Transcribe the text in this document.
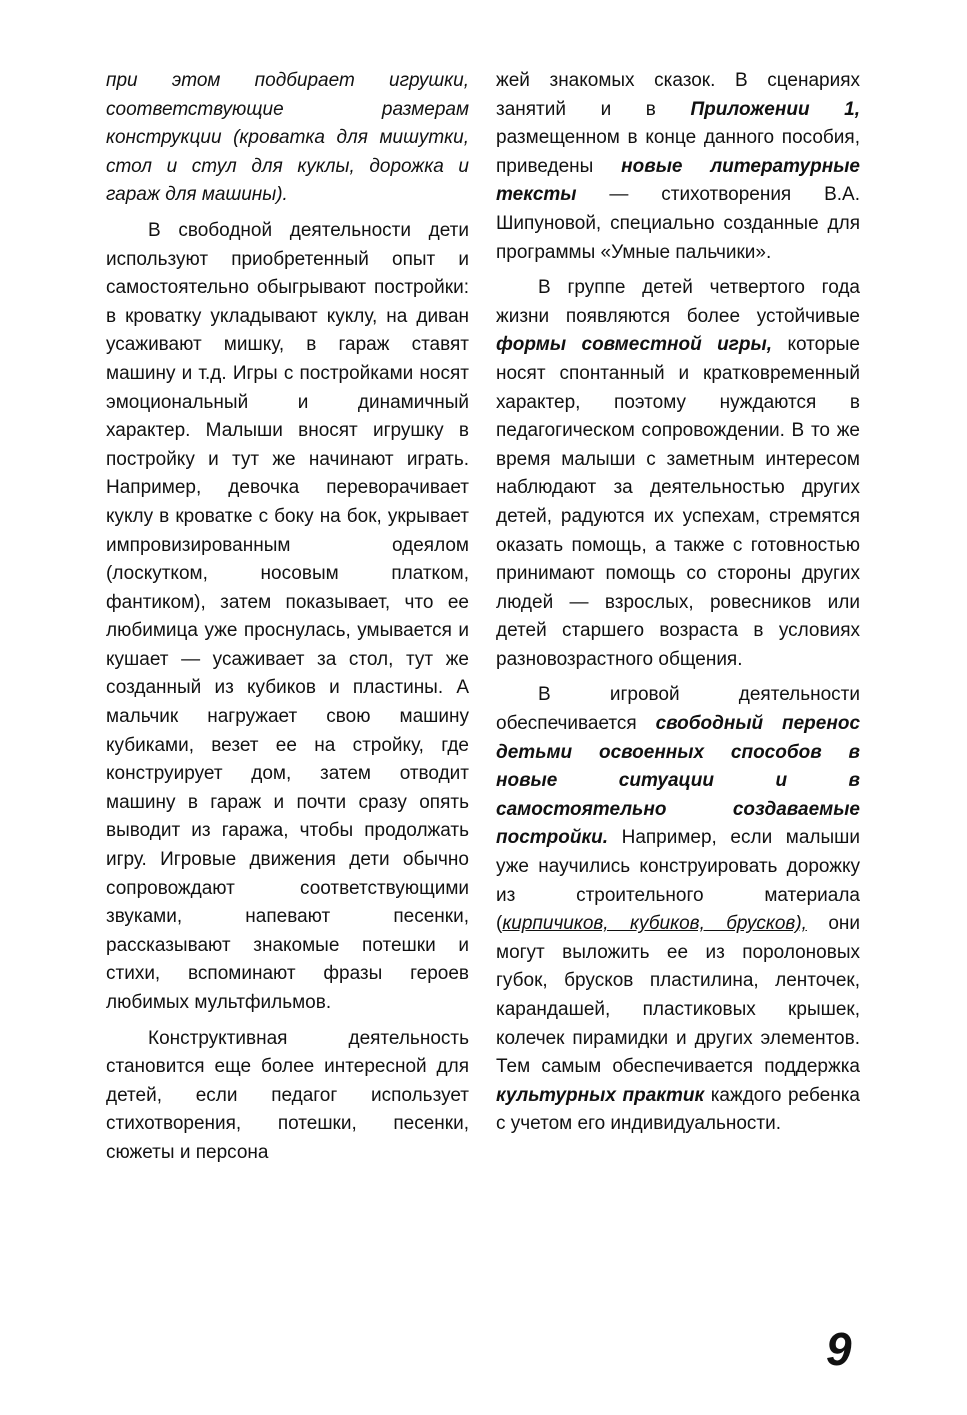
при этом подбирает игрушки, соответствующие размерам конструкции (кроватка для мишутки, стол и стул для куклы, дорожка и гараж для машины).

В свободной деятельности дети используют приобретенный опыт и самостоятельно обыгрывают постройки: в кроватку укладывают куклу, на диван усаживают мишку, в гараж ставят машину и т.д. Игры с постройками носят эмоциональный и динамичный характер. Малыши вносят игрушку в постройку и тут же начинают играть. Например, девочка переворачивает куклу в кроватке с боку на бок, укрывает импровизированным одеялом (лоскутком, носовым платком, фантиком), затем показывает, что ее любимица уже проснулась, умывается и кушает — усаживает за стол, тут же созданный из кубиков и пластины. А мальчик нагружает свою машину кубиками, везет ее на стройку, где конструирует дом, затем отводит машину в гараж и почти сразу опять выводит из гаража, чтобы продолжать игру. Игровые движения дети обычно сопровождают соответствующими звуками, напевают песенки, рассказывают знакомые потешки и стихи, вспоминают фразы героев любимых мультфильмов.

Конструктивная деятельность становится еще более интересной для детей, если педагог использует стихотворения, потешки, песенки, сюжеты и персона

жей знакомых сказок. В сценариях занятий и в Приложении 1, размещенном в конце данного пособия, приведены новые литературные тексты — стихотворения В.А. Шипуновой, специально созданные для программы «Умные пальчики».

В группе детей четвертого года жизни появляются более устойчивые формы совместной игры, которые носят спонтанный и кратковременный характер, поэтому нуждаются в педагогическом сопровождении. В то же время малыши с заметным интересом наблюдают за деятельностью других детей, радуются их успехам, стремятся оказать помощь, а также с готовностью принимают помощь со стороны других людей — взрослых, ровесников или детей старшего возраста в условиях разновозрастного общения.

В игровой деятельности обеспечивается свободный перенос детьми освоенных способов в новые ситуации и в самостоятельно создаваемые постройки. Например, если малыши уже научились конструировать дорожку из строительного материала (кирпичиков, кубиков, брусков), они могут выложить ее из поролоновых губок, брусков пластилина, ленточек, карандашей, пластиковых крышек, колечек пирамидки и других элементов. Тем самым обеспечивается поддержка культурных практик каждого ребенка с учетом его индивидуальности.

9
